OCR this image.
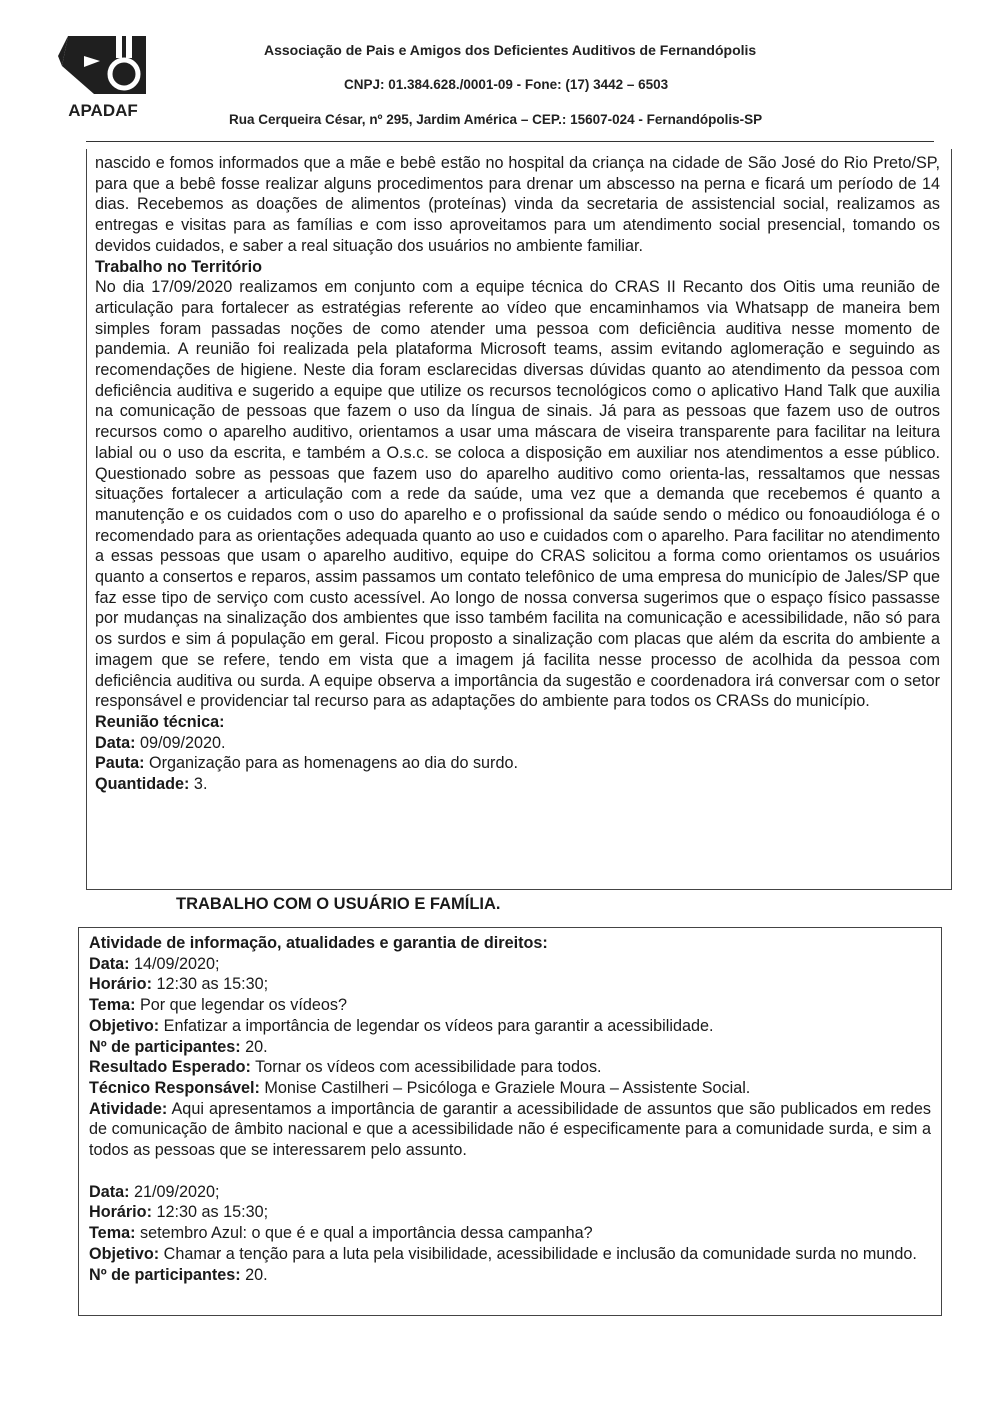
APADAF
Associação de Pais e Amigos dos Deficientes Auditivos de Fernandópolis
CNPJ: 01.384.628./0001-09 - Fone: (17) 3442 – 6503
Rua Cerqueira César, nº 295, Jardim América – CEP.: 15607-024 - Fernandópolis-SP

nascido e fomos informados que a mãe e bebê estão no hospital da criança na cidade de São José do Rio Preto/SP, para que a bebê fosse realizar alguns procedimentos para drenar um abscesso na perna e ficará um período de 14 dias. Recebemos as doações de alimentos (proteínas) vinda da secretaria de assistencial social, realizamos as entregas e visitas para as famílias e com isso aproveitamos para um atendimento social presencial, tomando os devidos cuidados, e saber a real situação dos usuários no ambiente familiar.

Trabalho no Território

No dia 17/09/2020 realizamos em conjunto com a equipe técnica do CRAS II Recanto dos Oitis uma reunião de articulação para fortalecer as estratégias referente ao vídeo que encaminhamos via Whatsapp de maneira bem simples foram passadas noções de como atender uma pessoa com deficiência auditiva nesse momento de pandemia. A reunião foi realizada pela plataforma Microsoft teams, assim evitando aglomeração e seguindo as recomendações de higiene. Neste dia foram esclarecidas diversas dúvidas quanto ao atendimento da pessoa com deficiência auditiva e sugerido a equipe que utilize os recursos tecnológicos como o aplicativo Hand Talk que auxilia na comunicação de pessoas que fazem o uso da língua de sinais. Já para as pessoas que fazem uso de outros recursos como o aparelho auditivo, orientamos a usar uma máscara de viseira transparente para facilitar na leitura labial ou o uso da escrita, e também a O.s.c. se coloca a disposição em auxiliar nos atendimentos a esse público. Questionado sobre as pessoas que fazem uso do aparelho auditivo como orienta-las, ressaltamos que nessas situações fortalecer a articulação com a rede da saúde, uma vez que a demanda que recebemos é quanto a manutenção e os cuidados com o uso do aparelho e o profissional da saúde sendo o médico ou fonoaudióloga é o recomendado para as orientações adequada quanto ao uso e cuidados com o aparelho. Para facilitar no atendimento a essas pessoas que usam o aparelho auditivo, equipe do CRAS solicitou a forma como orientamos os usuários quanto a consertos e reparos, assim passamos um contato telefônico de uma empresa do município de Jales/SP que faz esse tipo de serviço com custo acessível. Ao longo de nossa conversa sugerimos que o espaço físico passasse por mudanças na sinalização dos ambientes que isso também facilita na comunicação e acessibilidade, não só para os surdos e sim á população em geral. Ficou proposto a sinalização com placas que além da escrita do ambiente a imagem que se refere, tendo em vista que a imagem já facilita nesse processo de acolhida da pessoa com deficiência auditiva ou surda. A equipe observa a importância da sugestão e coordenadora irá conversar com o setor responsável e providenciar tal recurso para as adaptações do ambiente para todos os CRASs do município.

Reunião técnica:

Data: 09/09/2020.

Pauta: Organização para as homenagens ao dia do surdo.

Quantidade: 3.

TRABALHO COM O USUÁRIO E FAMÍLIA.

Atividade de informação, atualidades e garantia de direitos:

Data: 14/09/2020;

Horário: 12:30 as 15:30;

Tema: Por que legendar os vídeos?

Objetivo: Enfatizar a importância de legendar os vídeos para garantir a acessibilidade.

Nº de participantes: 20.

Resultado Esperado: Tornar os vídeos com acessibilidade para todos.

Técnico Responsável: Monise Castilheri – Psicóloga e Graziele Moura – Assistente Social.

Atividade: Aqui apresentamos a importância de garantir a acessibilidade de assuntos que são publicados em redes de comunicação de âmbito nacional e que a acessibilidade não é especificamente para a comunidade surda, e sim a todos as pessoas que se interessarem pelo assunto.

Data: 21/09/2020;

Horário: 12:30 as 15:30;

Tema: setembro Azul: o que é e qual a importância dessa campanha?

Objetivo: Chamar a tenção para a luta pela visibilidade, acessibilidade e inclusão da comunidade surda no mundo.

Nº de participantes: 20.
